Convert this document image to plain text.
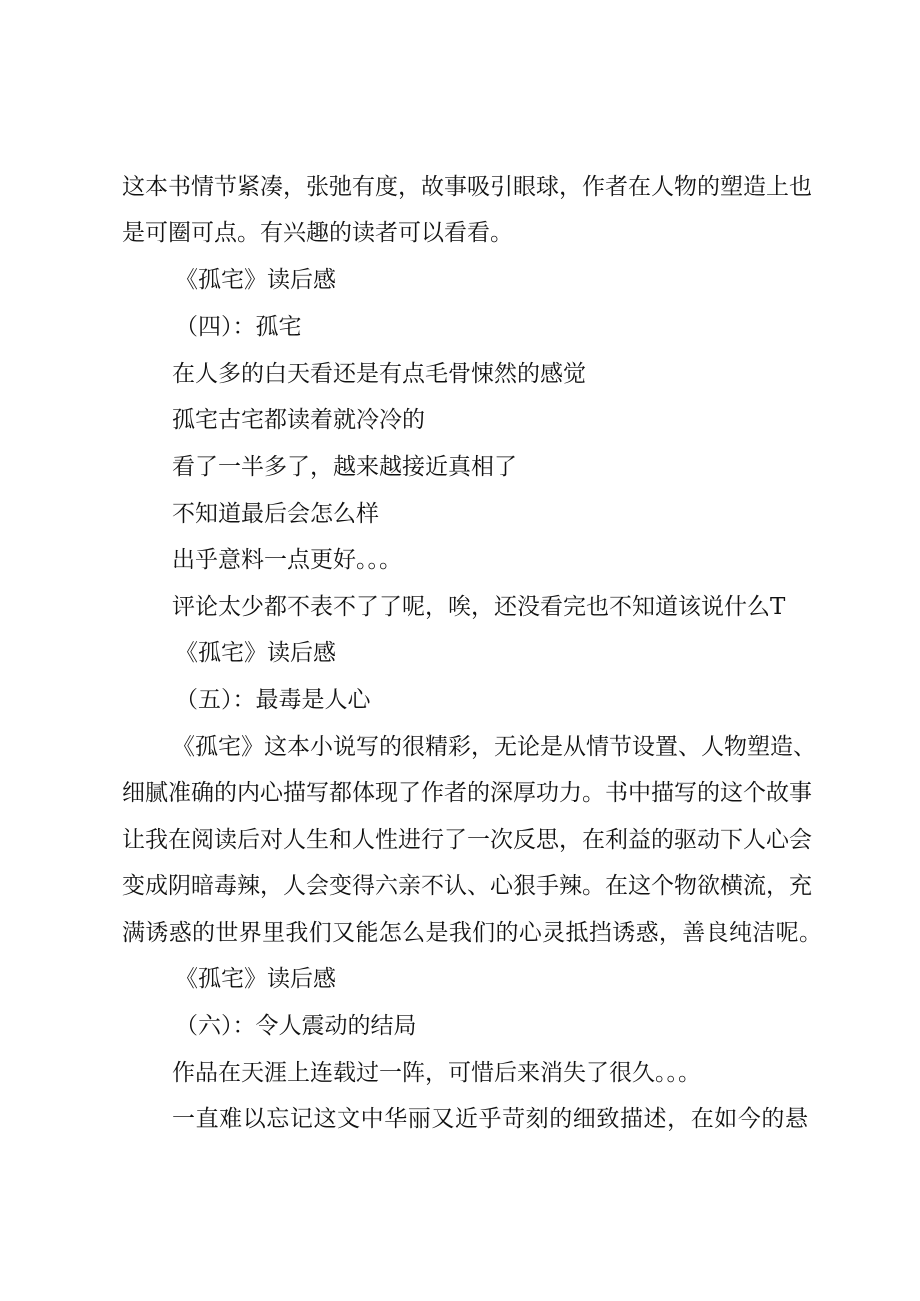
这本书情节紧凑，张弛有度，故事吸引眼球，作者在人物的塑造上也

是可圈可点。有兴趣的读者可以看看。

《孤宅》读后感

（四）：孤宅

在人多的白天看还是有点毛骨悚然的感觉

孤宅古宅都读着就冷冷的

看了一半多了，越来越接近真相了

不知道最后会怎么样

出乎意料一点更好。。。

评论太少都不表不了了呢，唉，还没看完也不知道该说什么T

《孤宅》读后感

（五）：最毒是人心

《孤宅》这本小说写的很精彩，无论是从情节设置、人物塑造、

细腻准确的内心描写都体现了作者的深厚功力。书中描写的这个故事

让我在阅读后对人生和人性进行了一次反思，在利益的驱动下人心会

变成阴暗毒辣，人会变得六亲不认、心狠手辣。在这个物欲横流，充

满诱惑的世界里我们又能怎么是我们的心灵抵挡诱惑，善良纯洁呢。

《孤宅》读后感

（六）：令人震动的结局

作品在天涯上连载过一阵，可惜后来消失了很久。。。

一直难以忘记这文中华丽又近乎苛刻的细致描述，在如今的悬
